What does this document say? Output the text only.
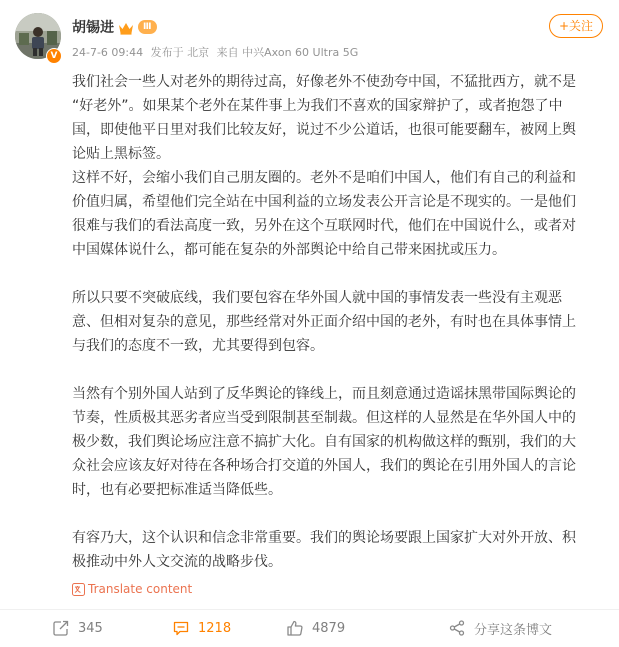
V
胡锡进	Ⅲ
24-7-6 09:44 发布于 北京 来自 中兴Axon 60 Ultra 5G
+关注

我们社会一些人对老外的期待过高，好像老外不使劲夸中国，不猛批西方，就不是

“好老外”。如果某个老外在某件事上为我们不喜欢的国家辩护了，或者抱怨了中

国，即使他平日里对我们比较友好，说过不少公道话，也很可能要翻车，被网上舆

论贴上黑标签。

这样不好，会缩小我们自己朋友圈的。老外不是咱们中国人，他们有自己的利益和

价值归属，希望他们完全站在中国利益的立场发表公开言论是不现实的。一是他们

很难与我们的看法高度一致，另外在这个互联网时代，他们在中国说什么，或者对

中国媒体说什么，都可能在复杂的外部舆论中给自己带来困扰或压力。

所以只要不突破底线，我们要包容在华外国人就中国的事情发表一些没有主观恶

意、但相对复杂的意见，那些经常对外正面介绍中国的老外，有时也在具体事情上

与我们的态度不一致，尤其要得到包容。

当然有个别外国人站到了反华舆论的锋线上，而且刻意通过造谣抹黑带国际舆论的

节奏，性质极其恶劣者应当受到限制甚至制裁。但这样的人显然是在华外国人中的

极少数，我们舆论场应注意不搞扩大化。自有国家的机构做这样的甄别，我们的大

众社会应该友好对待在各种场合打交道的外国人，我们的舆论在引用外国人的言论

时，也有必要把标准适当降低些。

有容乃大，这个认识和信念非常重要。我们的舆论场要跟上国家扩大对外开放、积

极推动中外人文交流的战略步伐。

Translate content
345	1218	4879	分享这条博文
